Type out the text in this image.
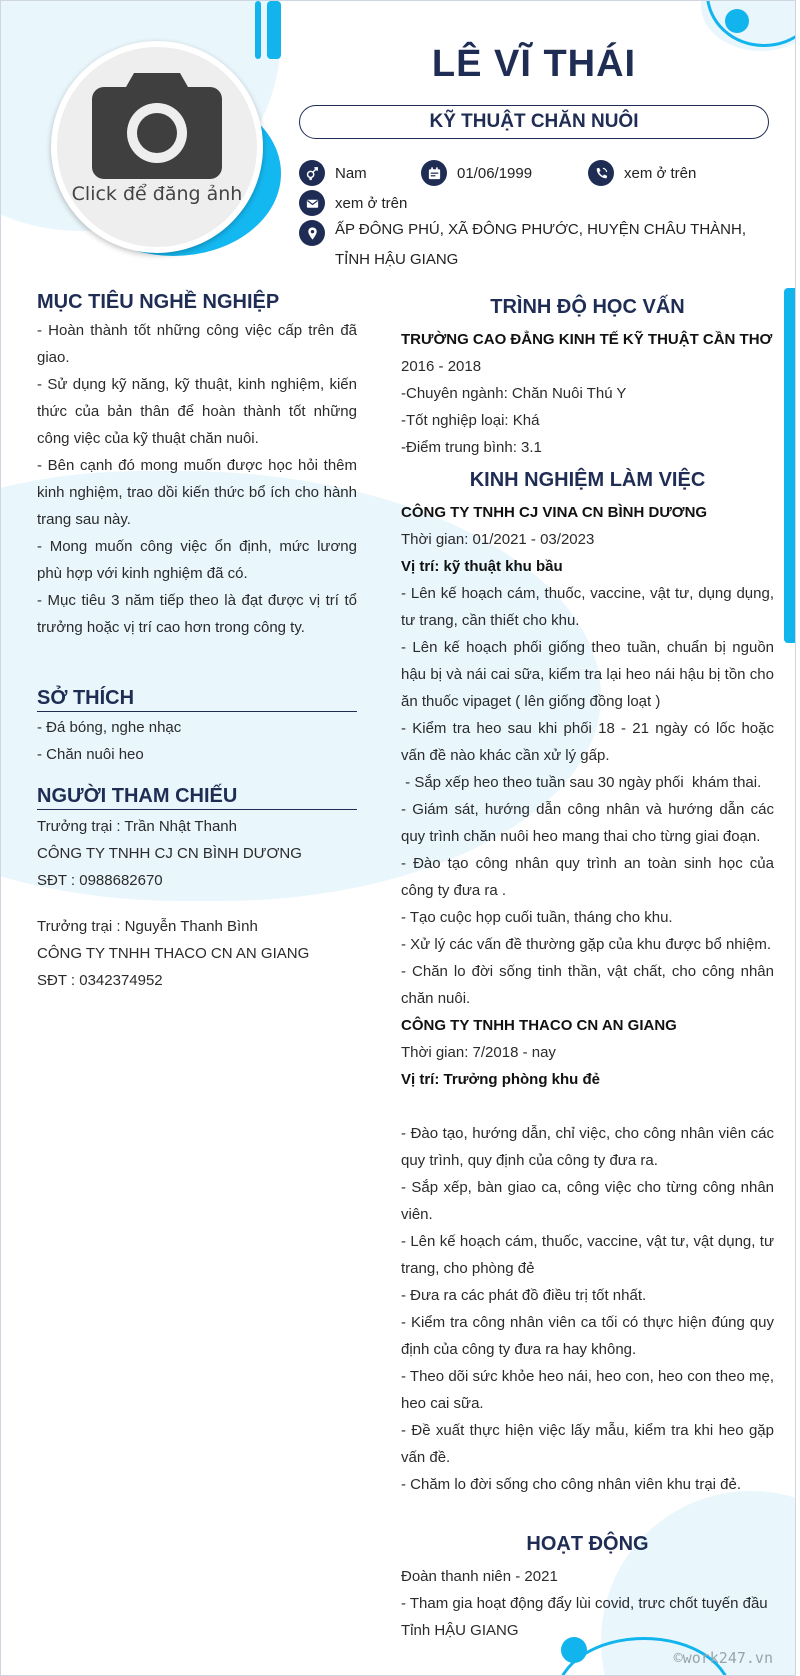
Click để đăng ảnh
LÊ VĨ THÁI
KỸ THUẬT CHĂN NUÔI
Nam	01/06/1999	xem ở trên
xem ở trên
ẤP ĐÔNG PHÚ, XÃ ĐÔNG PHƯỚC, HUYỆN CHÂU THÀNH, TỈNH HẬU GIANG
MỤC TIÊU NGHỀ NGHIỆP

- Hoàn thành tốt những công việc cấp trên đã giao.

- Sử dụng kỹ năng, kỹ thuật, kinh nghiệm, kiến thức của bản thân để hoàn thành tốt những công việc của kỹ thuật chăn nuôi.

- Bên cạnh đó mong muốn được học hỏi thêm kinh nghiệm, trao dồi kiến thức bổ ích cho hành trang sau này.

- Mong muốn công việc ổn định, mức lương phù hợp với kinh nghiệm đã có.

- Mục tiêu 3 năm tiếp theo là đạt được vị trí tổ trưởng hoặc vị trí cao hơn trong công ty.

SỞ THÍCH

- Đá bóng, nghe nhạc

- Chăn nuôi heo

NGƯỜI THAM CHIẾU

Trưởng trại : Trần Nhật Thanh

CÔNG TY TNHH CJ CN BÌNH DƯƠNG

SĐT : 0988682670

Trưởng trại : Nguyễn Thanh Bình

CÔNG TY TNHH THACO CN AN GIANG

SĐT : 0342374952

TRÌNH ĐỘ HỌC VẤN

TRƯỜNG CAO ĐẲNG KINH TẾ KỸ THUẬT CẦN THƠ

2016 - 2018

-Chuyên ngành: Chăn Nuôi Thú Y

-Tốt nghiệp loại: Khá

-Điểm trung bình: 3.1

KINH NGHIỆM LÀM VIỆC

CÔNG TY TNHH CJ VINA CN BÌNH DƯƠNG

Thời gian: 01/2021 - 03/2023

Vị trí: kỹ thuật khu bầu

- Lên kế hoạch cám, thuốc, vaccine, vật tư, dụng dụng, tư trang, cần thiết cho khu.

- Lên kế hoạch phối giống theo tuần, chuẩn bị nguồn hậu bị và nái cai sữa, kiểm tra lại heo nái hậu bị tồn cho ăn thuốc vipaget ( lên giống đồng loạt )

- Kiểm tra heo sau khi phối 18 - 21 ngày có lốc hoặc vấn đề nào khác cần xử lý gấp.

- Sắp xếp heo theo tuần sau 30 ngày phối  khám thai.

- Giám sát, hướng dẫn công nhân và hướng dẫn các quy trình chăn nuôi heo mang thai cho từng giai đoạn.

- Đào tạo công nhân quy trình an toàn sinh học của công ty đưa ra .

- Tạo cuộc họp cuối tuần, tháng cho khu.

- Xử lý các vấn đề thường gặp của khu được bổ nhiệm.

- Chăn lo đời sống tinh thần, vật chất, cho công nhân chăn nuôi.

CÔNG TY TNHH THACO CN AN GIANG

Thời gian: 7/2018 - nay

Vị trí: Trưởng phòng khu đẻ

- Đào tạo, hướng dẫn, chỉ việc, cho công nhân viên các quy trình, quy định của công ty đưa ra.

- Sắp xếp, bàn giao ca, công việc cho từng công nhân viên.

- Lên kế hoạch cám, thuốc, vaccine, vật tư, vật dụng, tư trang, cho phòng đẻ

- Đưa ra các phát đồ điều trị tốt nhất.

- Kiểm tra công nhân viên ca tối có thực hiện đúng quy định của công ty đưa ra hay không.

- Theo dõi sức khỏe heo nái, heo con, heo con theo mẹ, heo cai sữa.

- Đề xuất thực hiện việc lấy mẫu, kiểm tra khi heo gặp vấn đề.

- Chăm lo đời sống cho công nhân viên khu trại đẻ.

HOẠT ĐỘNG

Đoàn thanh niên - 2021

- Tham gia hoạt động đẩy lùi covid, trưc chốt tuyến đầu Tỉnh HẬU GIANG

©work247.vn
